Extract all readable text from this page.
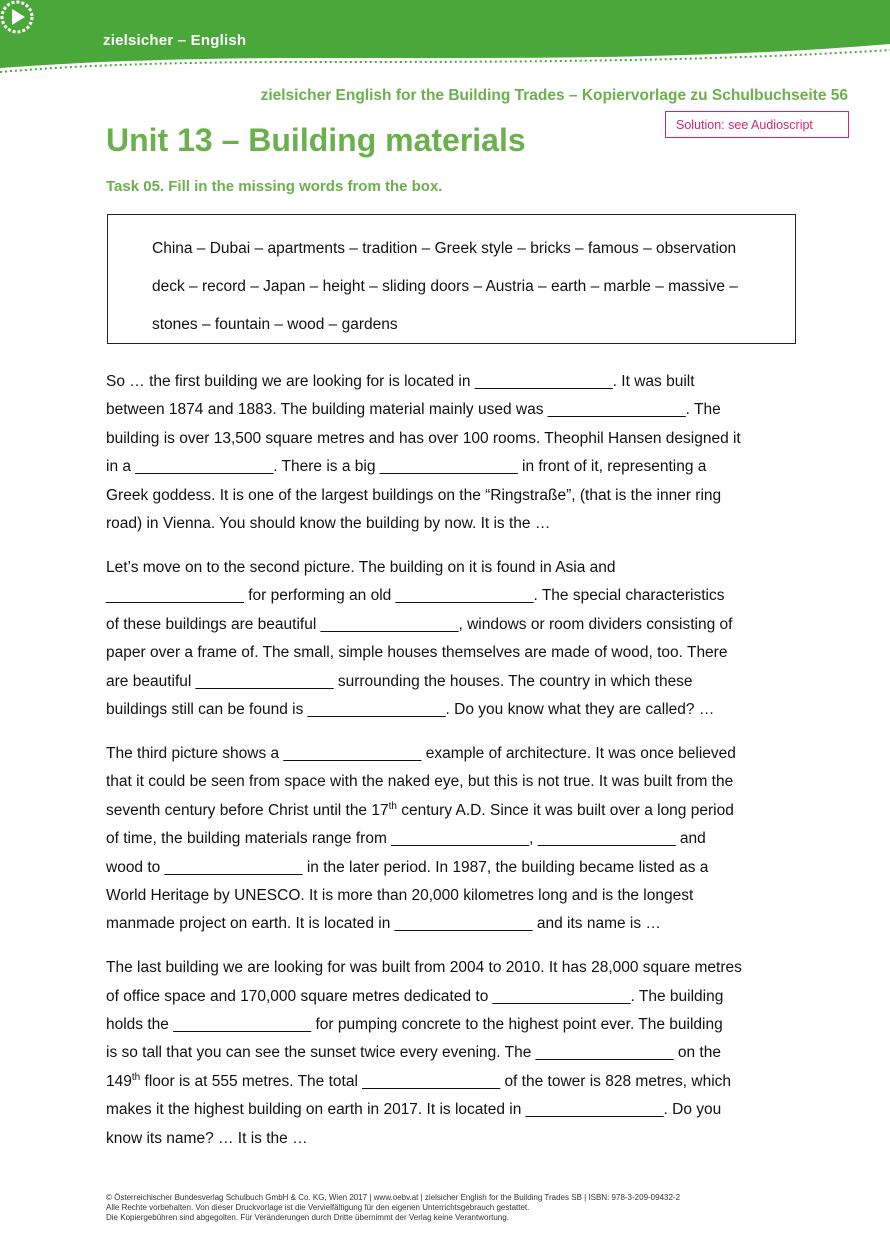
zielsicher – English
zielsicher English for the Building Trades – Kopiervorlage zu Schulbuchseite 56
Unit 13 – Building materials	Solution: see Audioscript
Task 05. Fill in the missing words from the box.
China – Dubai – apartments – tradition – Greek style – bricks – famous – observation
deck – record – Japan – height – sliding doors – Austria – earth – marble – massive –
stones – fountain – wood – gardens

So … the first building we are looking for is located in ________________. It was built
between 1874 and 1883. The building material mainly used was ________________. The
building is over 13,500 square metres and has over 100 rooms. Theophil Hansen designed it
in a ________________. There is a big ________________ in front of it, representing a
Greek goddess. It is one of the largest buildings on the “Ringstraße”, (that is the inner ring
road) in Vienna. You should know the building by now. It is the …

Let’s move on to the second picture. The building on it is found in Asia and
________________ for performing an old ________________. The special characteristics
of these buildings are beautiful ________________, windows or room dividers consisting of
paper over a frame of. The small, simple houses themselves are made of wood, too. There
are beautiful ________________ surrounding the houses. The country in which these
buildings still can be found is ________________. Do you know what they are called? …

The third picture shows a ________________ example of architecture. It was once believed
that it could be seen from space with the naked eye, but this is not true. It was built from the
seventh century before Christ until the 17th century A.D. Since it was built over a long period
of time, the building materials range from ________________, ________________ and
wood to ________________ in the later period. In 1987, the building became listed as a
World Heritage by UNESCO. It is more than 20,000 kilometres long and is the longest
manmade project on earth. It is located in ________________ and its name is …

The last building we are looking for was built from 2004 to 2010. It has 28,000 square metres
of office space and 170,000 square metres dedicated to ________________. The building
holds the ________________ for pumping concrete to the highest point ever. The building
is so tall that you can see the sunset twice every evening. The ________________ on the
149th floor is at 555 metres. The total ________________ of the tower is 828 metres, which
makes it the highest building on earth in 2017. It is located in ________________. Do you
know its name? … It is the …

© Österreichischer Bundesverlag Schulbuch GmbH & Co. KG, Wien 2017 | www.oebv.at | zielsicher English for the Building Trades SB | ISBN: 978-3-209-09432-2
Alle Rechte vorbehalten. Von dieser Druckvorlage ist die Vervielfältigung für den eigenen Unterrichtsgebrauch gestattet.
Die Kopiergebühren sind abgegolten. Für Veränderungen durch Dritte übernimmt der Verlag keine Verantwortung.
